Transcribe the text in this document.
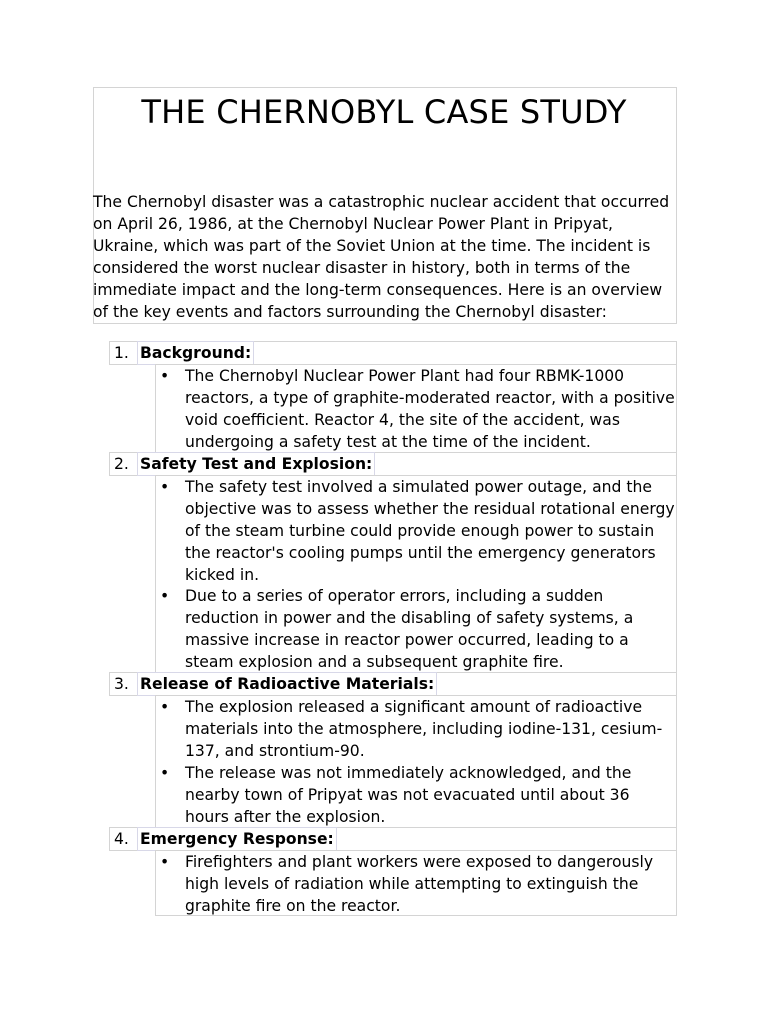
THE CHERNOBYL CASE STUDY

The Chernobyl disaster was a catastrophic nuclear accident that occurred on April 26, 1986, at the Chernobyl Nuclear Power Plant in Pripyat, Ukraine, which was part of the Soviet Union at the time. The incident is considered the worst nuclear disaster in history, both in terms of the immediate impact and the long-term consequences. Here is an overview of the key events and factors surrounding the Chernobyl disaster:

1. Background:
• The Chernobyl Nuclear Power Plant had four RBMK-1000 reactors, a type of graphite-moderated reactor, with a positive void coefficient. Reactor 4, the site of the accident, was undergoing a safety test at the time of the incident.

2. Safety Test and Explosion:
• The safety test involved a simulated power outage, and the objective was to assess whether the residual rotational energy of the steam turbine could provide enough power to sustain the reactor's cooling pumps until the emergency generators kicked in.

• Due to a series of operator errors, including a sudden reduction in power and the disabling of safety systems, a massive increase in reactor power occurred, leading to a steam explosion and a subsequent graphite fire.

3. Release of Radioactive Materials:
• The explosion released a significant amount of radioactive materials into the atmosphere, including iodine-131, cesium-137, and strontium-90.

• The release was not immediately acknowledged, and the nearby town of Pripyat was not evacuated until about 36 hours after the explosion.

4. Emergency Response:
• Firefighters and plant workers were exposed to dangerously high levels of radiation while attempting to extinguish the graphite fire on the reactor.
